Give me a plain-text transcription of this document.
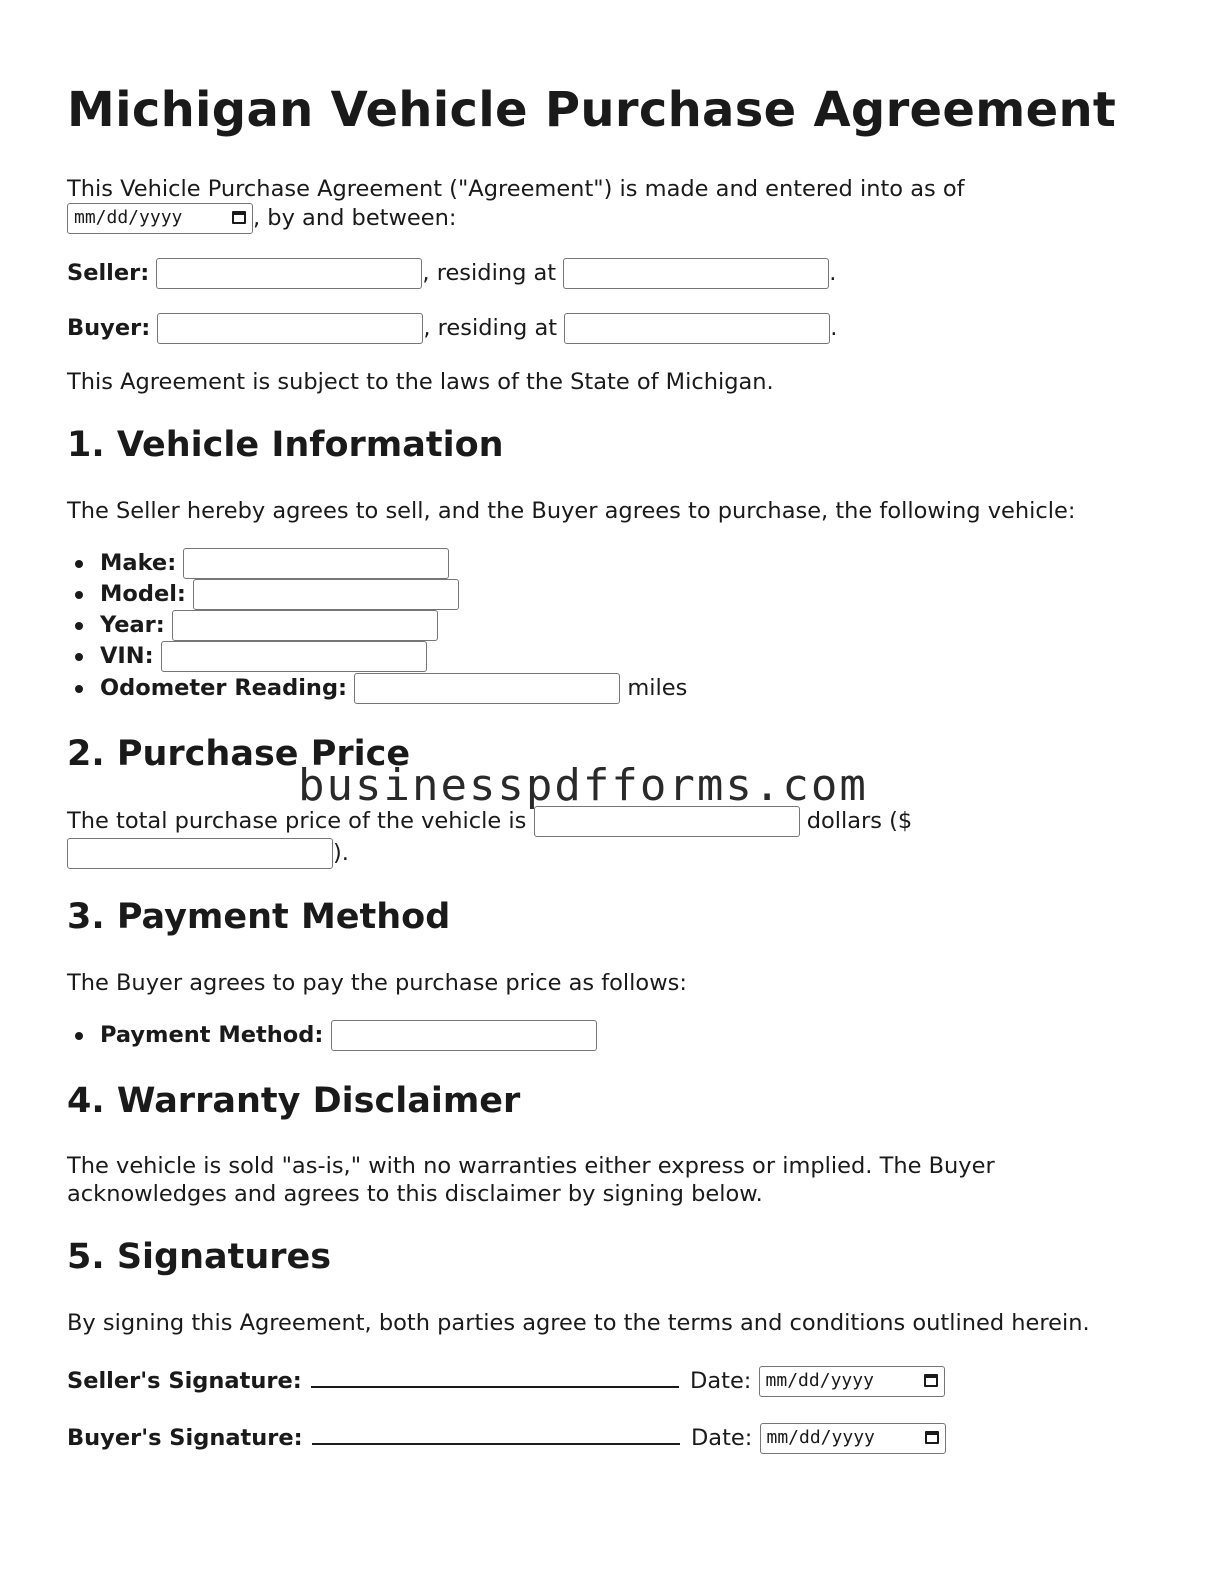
Michigan Vehicle Purchase Agreement
This Vehicle Purchase Agreement ("Agreement") is made and entered into as of
mm/dd/yyyy	, by and between:
Seller:	, residing at	.
Buyer:	, residing at	.
This Agreement is subject to the laws of the State of Michigan.
1. Vehicle Information
The Seller hereby agrees to sell, and the Buyer agrees to purchase, the following vehicle:
Make:
Model:
Year:
VIN:
Odometer Reading:	miles
2. Purchase Price
The total purchase price of the vehicle is	dollars ($
).
3. Payment Method
The Buyer agrees to pay the purchase price as follows:
Payment Method:
4. Warranty Disclaimer
The vehicle is sold "as-is," with no warranties either express or implied. The Buyer
acknowledges and agrees to this disclaimer by signing below.
5. Signatures
By signing this Agreement, both parties agree to the terms and conditions outlined herein.
Seller's Signature:	Date: mm/dd/yyyy
Buyer's Signature:	Date: mm/dd/yyyy
businesspdfforms.com
